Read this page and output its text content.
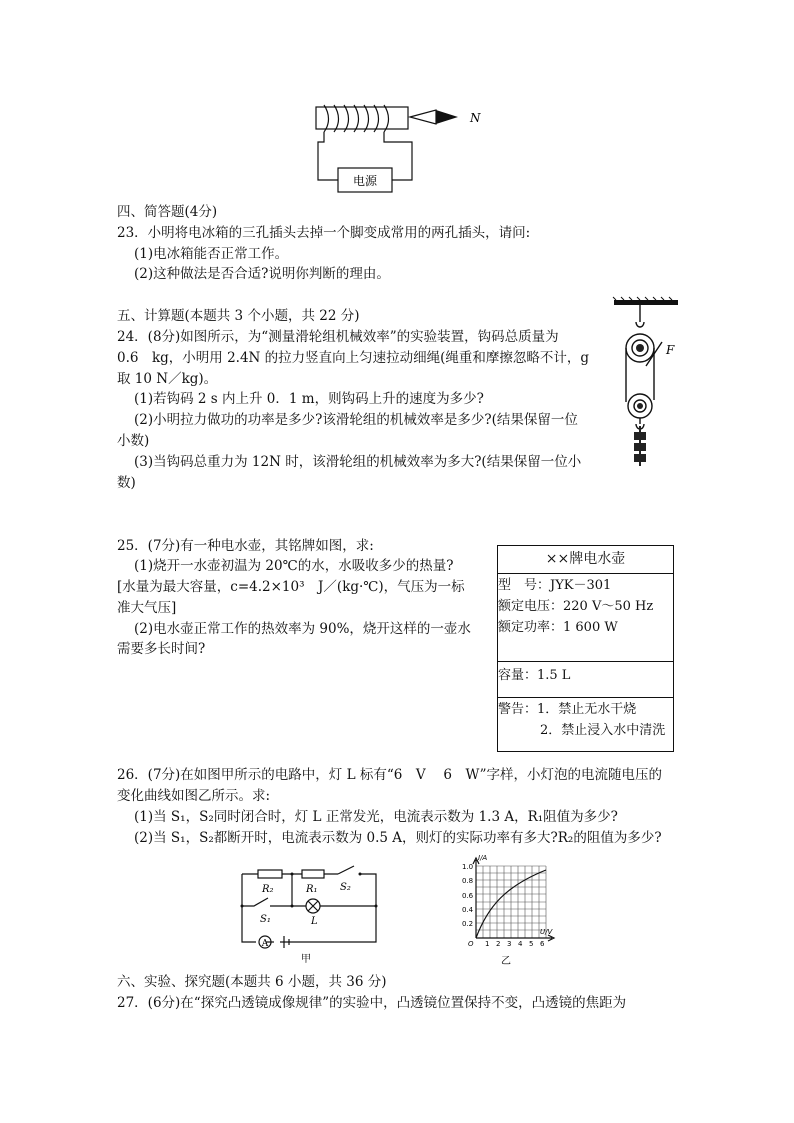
电源
N
四、简答题(4分)
23．小明将电冰箱的三孔插头去掉一个脚变成常用的两孔插头，请问:
(1)电冰箱能否正常工作。
(2)这种做法是否合适?说明你判断的理由。
五、计算题(本题共 3 个小题，共 22 分)
24．(8分)如图所示，为“测量滑轮组机械效率”的实验装置，钩码总质量为
0.6　kg，小明用 2.4N 的拉力竖直向上匀速拉动细绳(绳重和摩擦忽略不计，g
取 10 N／kg)。
(1)若钩码 2 s 内上升 0．1 m，则钩码上升的速度为多少?
(2)小明拉力做功的功率是多少?该滑轮组的机械效率是多少?(结果保留一位
小数)
(3)当钩码总重力为 12N 时，该滑轮组的机械效率为多大?(结果保留一位小
数)
F
25．(7分)有一种电水壶，其铭牌如图，求:
(1)烧开一水壶初温为 20℃的水，水吸收多少的热量?
[水量为最大容量，c=4.2×10³　J／(kg·℃)，气压为一标
准大气压]
(2)电水壶正常工作的热效率为 90%，烧开这样的一壶水
需要多长时间?
××牌电水壶
型　号：JYK－301
额定电压：220 V～50 Hz
额定功率：1 600 W
容量：1.5 L
警告：1．禁止无水干烧
2．禁止浸入水中清洗
26．(7分)在如图甲所示的电路中，灯 L 标有“6　V　 6　W”字样，小灯泡的电流随电压的
变化曲线如图乙所示。求:
(1)当 S₁，S₂同时闭合时，灯 L 正常发光，电流表示数为 1.3 A，R₁阻值为多少?
(2)当 S₁，S₂都断开时，电流表示数为 0.5 A，则灯的实际功率有多大?R₂的阻值为多少?
R₂	R₁ S₂
S₁	L
A
甲
I/A
1.0
0.8
0.6
0.4
0.2
O 1 2 3 4 5 6
U/V
乙
六、实验、探究题(本题共 6 小题，共 36 分)
27．(6分)在“探究凸透镜成像规律”的实验中，凸透镜位置保持不变，凸透镜的焦距为
